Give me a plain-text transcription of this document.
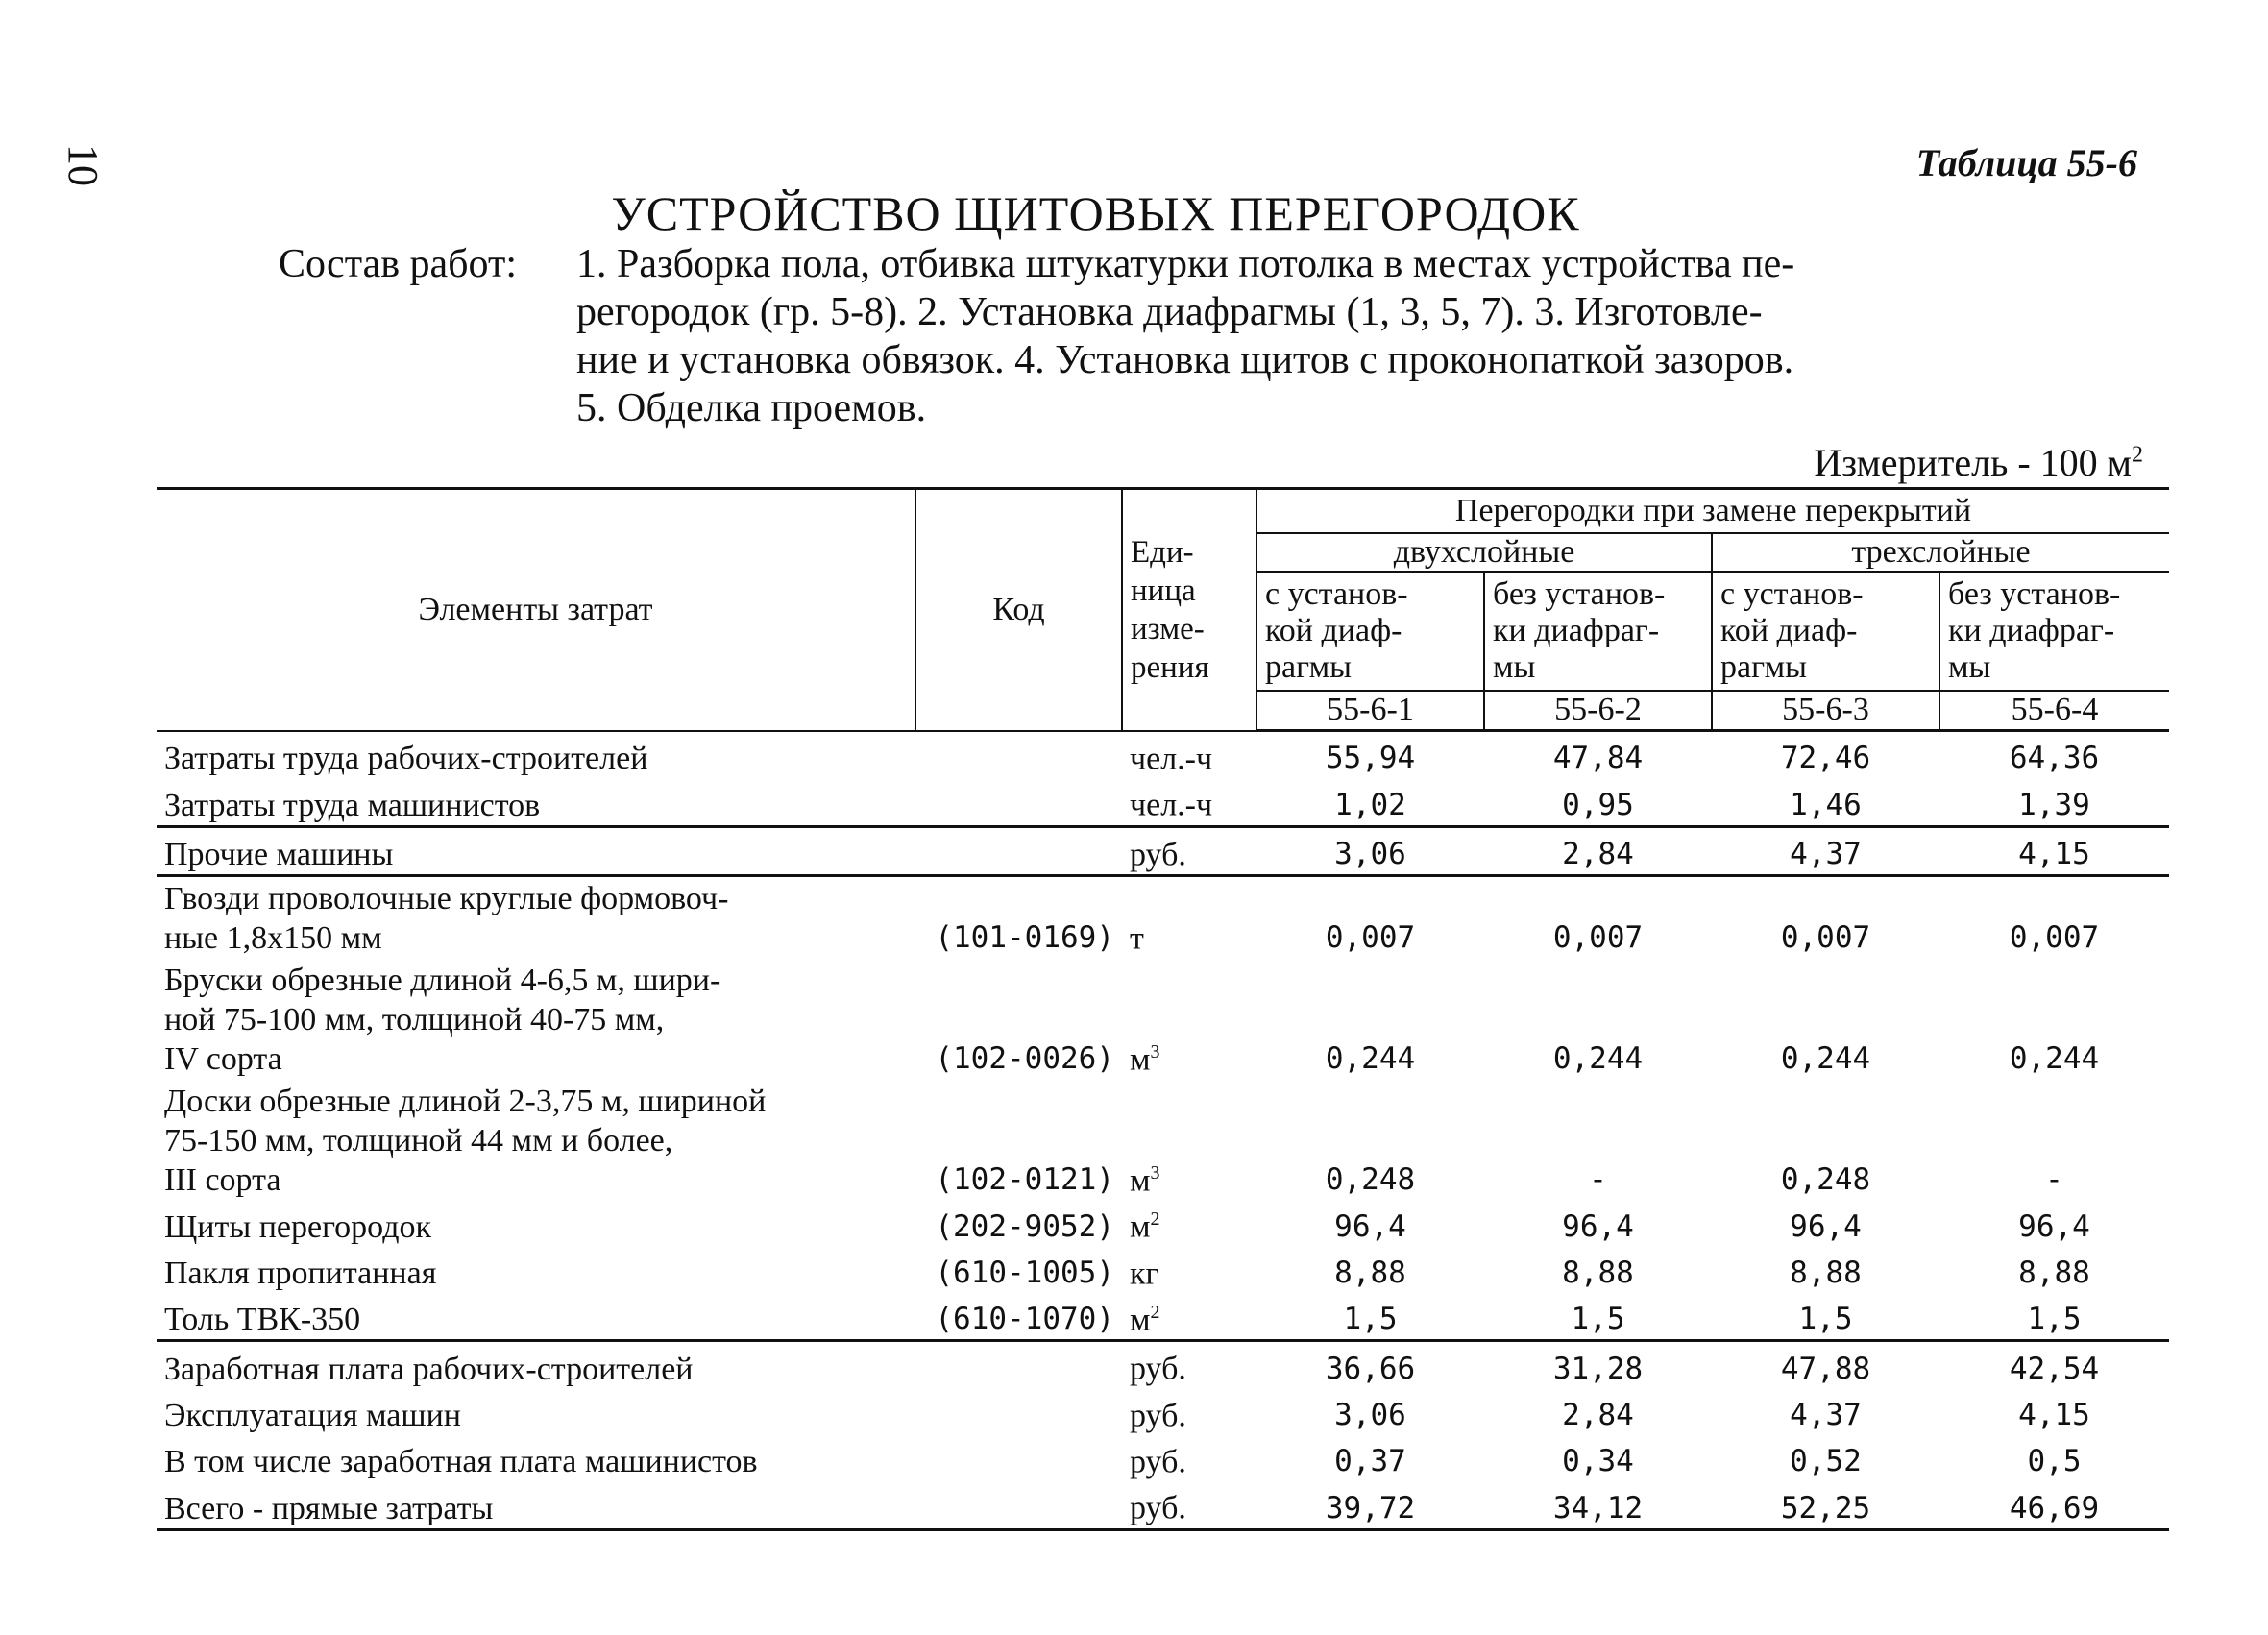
10	Таблица 55-6
УСТРОЙСТВО ЩИТОВЫХ ПЕРЕГОРОДОК
Состав работ: 1. Разборка пола, отбивка штукатурки потолка в местах устройства пе-
регородок (гр. 5-8). 2. Установка диафрагмы (1, 3, 5, 7). 3. Изготовле-
ние и установка обвязок. 4. Установка щитов с проконопаткой зазоров.
5. Обделка проемов.
Измеритель - 100 $м^2$
Элементы затрат	Код	Еди-
ница
изме-
рения	Перегородки при замене перекрытий			
			двухслойные		трехслойные	
			с установ-
кой диаф-
рагмы	без установ-
ки диафраг-
мы	с установ-
кой диаф-
рагмы	без установ-
ки диафраг-
мы
			55-6-1	55-6-2	55-6-3	55-6-4

Затраты труда рабочих-строителей		чел.-ч	55,94	47,84	72,46	64,36
Затраты труда машинистов		чел.-ч	1,02	0,95	1,46	1,39
Прочие машины		руб.	3,06	2,84	4,37	4,15
Гвозди проволочные круглые формовоч-
ные 1,8х150 мм	(101-0169)	т	0,007	0,007	0,007	0,007
Бруски обрезные длиной 4-6,5 м, шири-
ной 75-100 мм, толщиной 40-75 мм,
IV сорта	(102-0026)	$м^3$	0,244	0,244	0,244	0,244
Доски обрезные длиной 2-3,75 м, шириной
75-150 мм, толщиной 44 мм и более,
III сорта	(102-0121)	$м^3$	0,248	-	0,248	-
Щиты перегородок	(202-9052)	$м^2$	96,4	96,4	96,4	96,4
Пакля пропитанная	(610-1005)	кг	8,88	8,88	8,88	8,88
Толь ТВК-350	(610-1070)	$м^2$	1,5	1,5	1,5	1,5
Заработная плата рабочих-строителей		руб.	36,66	31,28	47,88	42,54
Эксплуатация машин		руб.	3,06	2,84	4,37	4,15
В том числе заработная плата машинистов		руб.	0,37	0,34	0,52	0,5
Всего - прямые затраты		руб.	39,72	34,12	52,25	46,69
